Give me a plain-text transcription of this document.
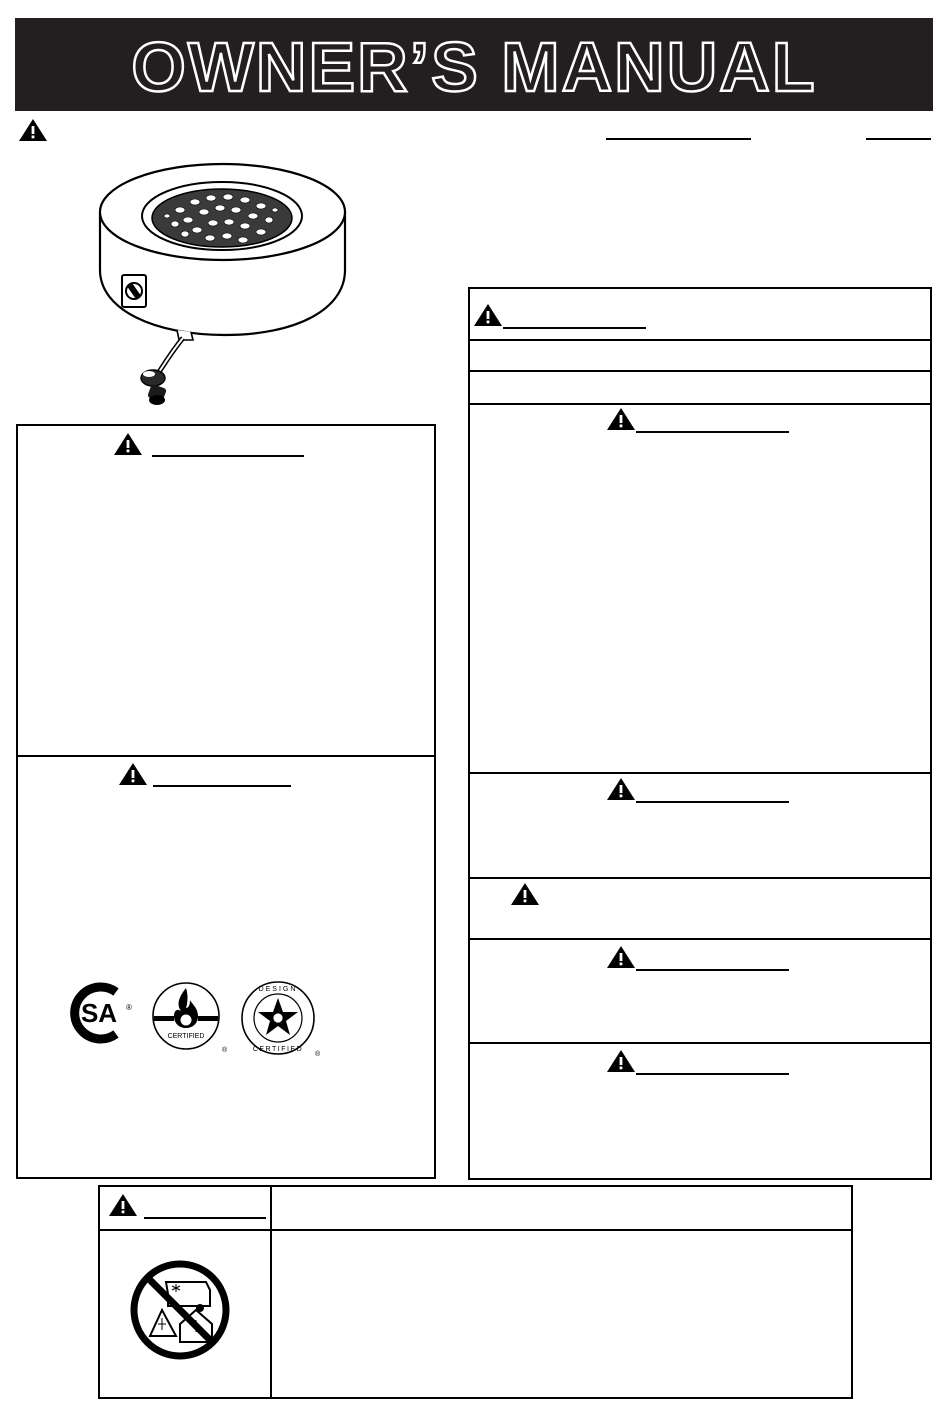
OWNER’S MANUAL
SA ®
CERTIFIED
®
DESIGN
CERTIFIED
®
